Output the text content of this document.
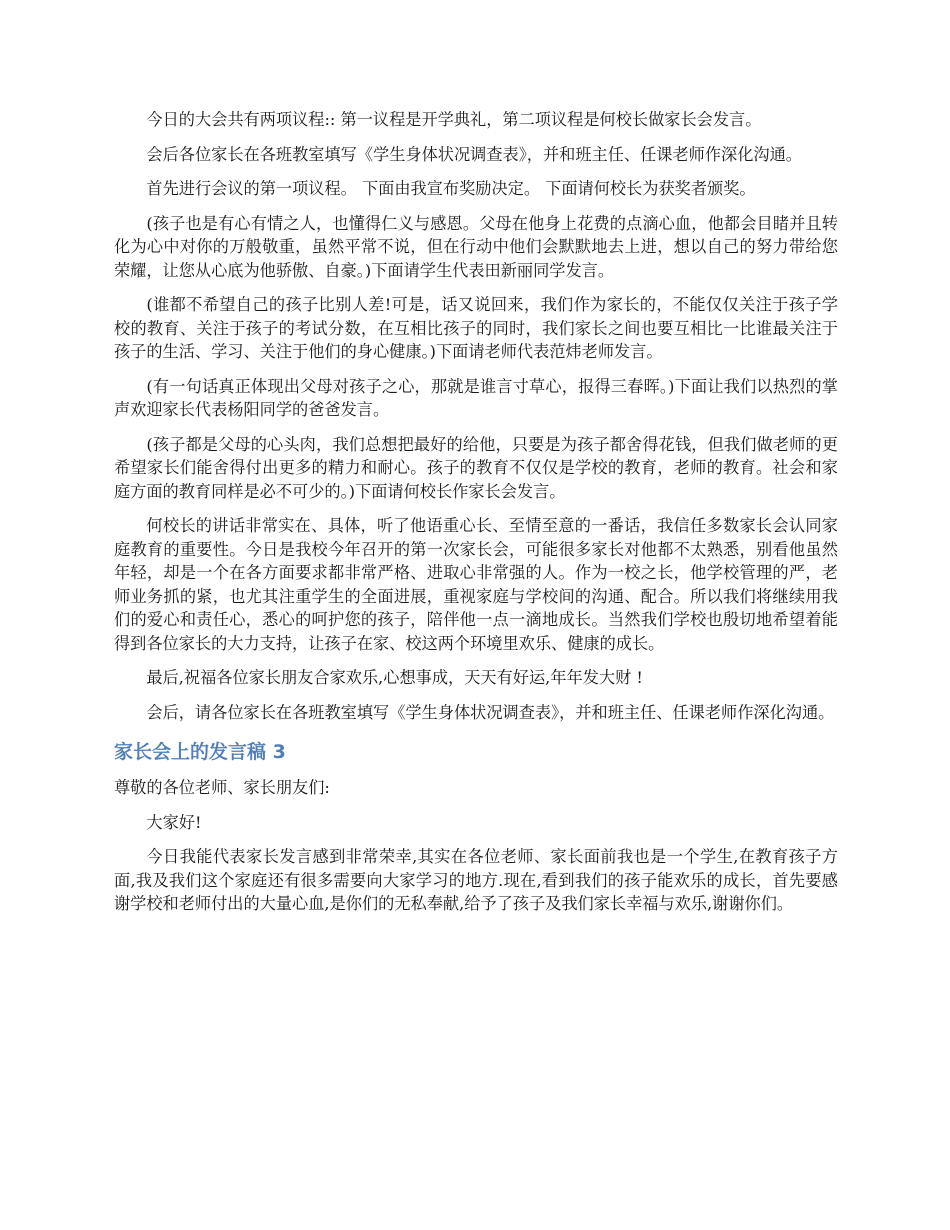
今日的大会共有两项议程:: 第一议程是开学典礼，第二项议程是何校长做家长会发言。

会后各位家长在各班教室填写《学生身体状况调查表》，并和班主任、任课老师作深化沟通。

首先进行会议的第一项议程。 下面由我宣布奖励决定。 下面请何校长为获奖者颁奖。

(孩子也是有心有情之人，也懂得仁义与感恩。父母在他身上花费的点滴心血，他都会目睹并且转化为心中对你的万般敬重，虽然平常不说，但在行动中他们会默默地去上进，想以自己的努力带给您荣耀，让您从心底为他骄傲、自豪。)下面请学生代表田新丽同学发言。

(谁都不希望自己的孩子比别人差!可是，话又说回来，我们作为家长的，不能仅仅关注于孩子学校的教育、关注于孩子的考试分数，在互相比孩子的同时，我们家长之间也要互相比一比谁最关注于孩子的生活、学习、关注于他们的身心健康。)下面请老师代表范炜老师发言。

(有一句话真正体现出父母对孩子之心，那就是谁言寸草心，报得三春晖。)下面让我们以热烈的掌声欢迎家长代表杨阳同学的爸爸发言。

(孩子都是父母的心头肉，我们总想把最好的给他，只要是为孩子都舍得花钱，但我们做老师的更希望家长们能舍得付出更多的精力和耐心。孩子的教育不仅仅是学校的教育，老师的教育。社会和家庭方面的教育同样是必不可少的。)下面请何校长作家长会发言。

何校长的讲话非常实在、具体，听了他语重心长、至情至意的一番话，我信任多数家长会认同家庭教育的重要性。今日是我校今年召开的第一次家长会，可能很多家长对他都不太熟悉，别看他虽然年轻，却是一个在各方面要求都非常严格、进取心非常强的人。作为一校之长，他学校管理的严，老师业务抓的紧，也尤其注重学生的全面进展，重视家庭与学校间的沟通、配合。所以我们将继续用我们的爱心和责任心，悉心的呵护您的孩子，陪伴他一点一滴地成长。当然我们学校也殷切地希望着能得到各位家长的大力支持，让孩子在家、校这两个环境里欢乐、健康的成长。

最后,祝福各位家长朋友合家欢乐,心想事成，天天有好运,年年发大财 !

会后，请各位家长在各班教室填写《学生身体状况调查表》，并和班主任、任课老师作深化沟通。

家长会上的发言稿 3

尊敬的各位老师、家长朋友们:

大家好!

今日我能代表家长发言感到非常荣幸,其实在各位老师、家长面前我也是一个学生,在教育孩子方面,我及我们这个家庭还有很多需要向大家学习的地方.现在,看到我们的孩子能欢乐的成长，首先要感谢学校和老师付出的大量心血,是你们的无私奉献,给予了孩子及我们家长幸福与欢乐,谢谢你们。
